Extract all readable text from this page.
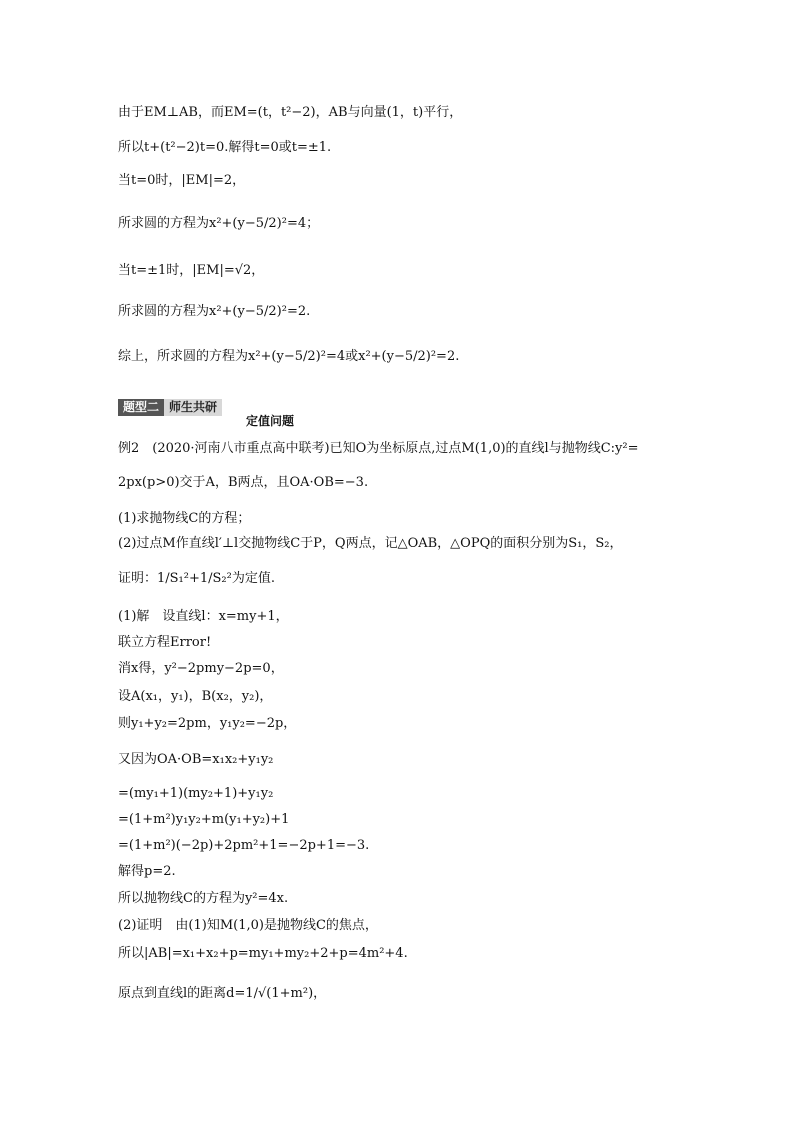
由于EM⊥AB，而EM=(t，t²−2)，AB与向量(1，t)平行，
所以t+(t²−2)t=0.解得t=0或t=±1.
当t=0时，|EM|=2，
所求圆的方程为x²+(y−5/2)²=4；
当t=±1时，|EM|=√2，
所求圆的方程为x²+(y−5/2)²=2.
综上，所求圆的方程为x²+(y−5/2)²=4或x²+(y−5/2)²=2.
题型二 师生共研
定值问题
例2　(2020·河南八市重点高中联考)已知O为坐标原点,过点M(1,0)的直线l与抛物线C:y²=
2px(p>0)交于A，B两点，且OA·OB=−3.
(1)求抛物线C的方程；
(2)过点M作直线l′⊥l交抛物线C于P，Q两点，记△OAB，△OPQ的面积分别为S₁，S₂，
证明：1/S₁²+1/S₂²为定值.
(1)解　设直线l：x=my+1，
联立方程Error!
消x得，y²−2pmy−2p=0，
设A(x₁，y₁)，B(x₂，y₂)，
则y₁+y₂=2pm，y₁y₂=−2p，
又因为OA·OB=x₁x₂+y₁y₂
=(my₁+1)(my₂+1)+y₁y₂
=(1+m²)y₁y₂+m(y₁+y₂)+1
=(1+m²)(−2p)+2pm²+1=−2p+1=−3.
解得p=2.
所以抛物线C的方程为y²=4x.
(2)证明　由(1)知M(1,0)是抛物线C的焦点，
所以|AB|=x₁+x₂+p=my₁+my₂+2+p=4m²+4.
原点到直线l的距离d=1/√(1+m²)，
